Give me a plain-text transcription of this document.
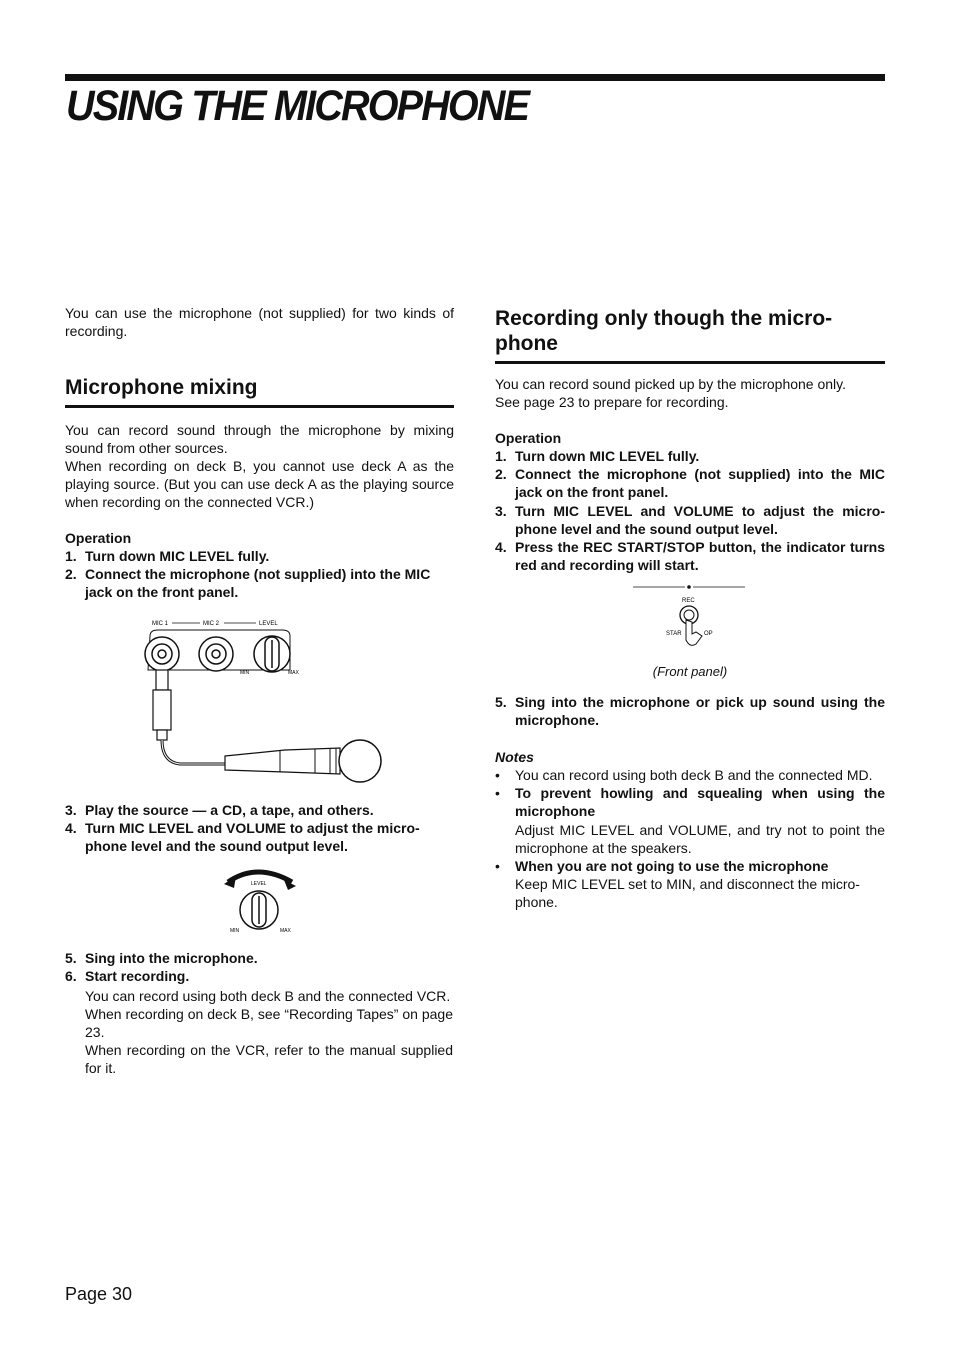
USING THE MICROPHONE

You can use the microphone (not supplied) for two kinds of recording.

Microphone mixing
You can record sound through the microphone by mixing sound from other sources.
When recording on deck B, you cannot use deck A as the playing source. (But you can use deck A as the playing source when recording on the connected VCR.)
Operation
1. Turn down MIC LEVEL fully.
2. Connect the microphone (not supplied) into the MIC jack on the front panel.
MIC 1	MIC 2	LEVEL
MIN	MAX
3. Play the source — a CD, a tape, and others.
4. Turn MIC LEVEL and VOLUME to adjust the micro-phone level and the sound output level.
LEVEL
MIN	MAX
5. Sing into the microphone.
6. Start recording.
You can record using both deck B and the connected VCR.
When recording on deck B, see “Recording Tapes” on page 23.
When recording on the VCR, refer to the manual supplied for it.
Recording only though the micro-
phone
You can record sound picked up by the microphone only.
See page 23 to prepare for recording.
Operation
1. Turn down MIC LEVEL fully.
2. Connect the microphone (not supplied) into the MIC jack on the front panel.
3. Turn MIC LEVEL and VOLUME to adjust the micro-phone level and the sound output level.
4. Press the REC START/STOP button, the indicator turns red and recording will start.
REC
STAR	OP
(Front panel)
5. Sing into the microphone or pick up sound using the microphone.
Notes
• You can record using both deck B and the connected MD.
• To prevent howling and squealing when using the microphone
Adjust MIC LEVEL and VOLUME, and try not to point the microphone at the speakers.
• When you are not going to use the microphone
Keep MIC LEVEL set to MIN, and disconnect the micro-phone.
Page 30
